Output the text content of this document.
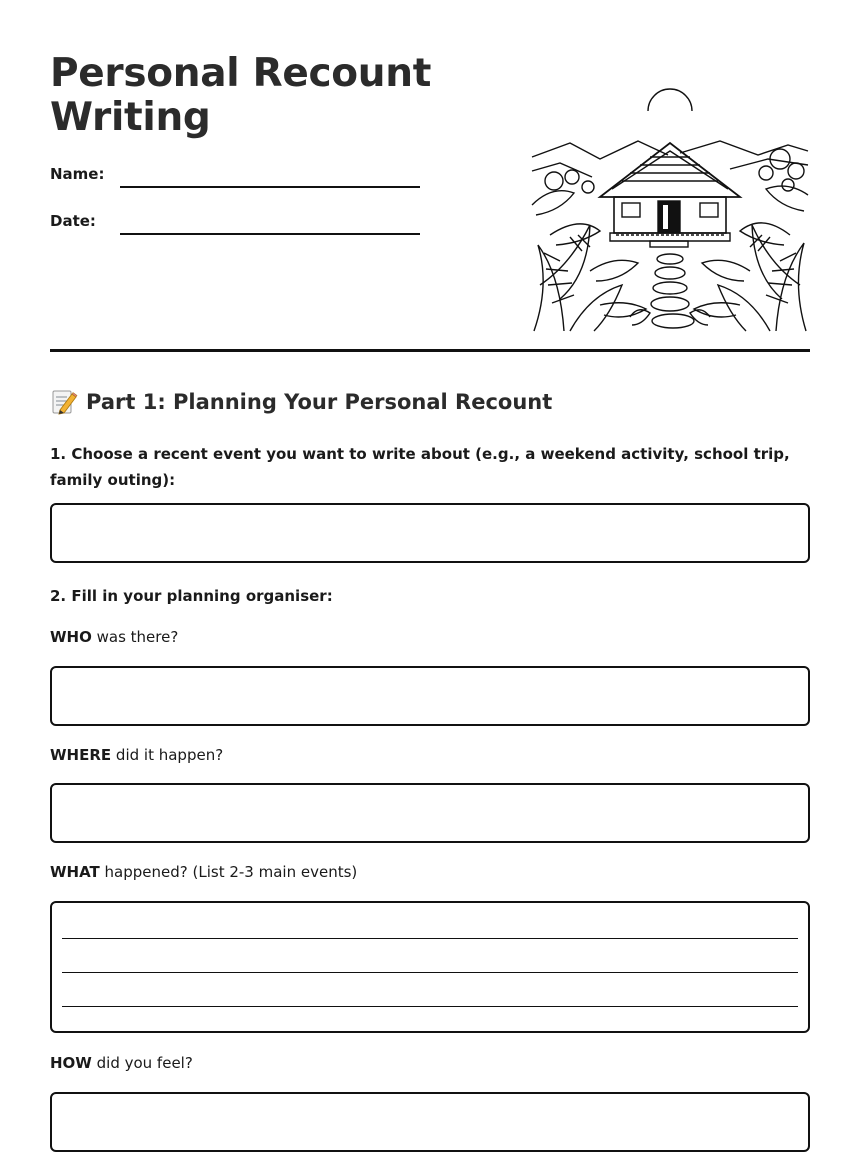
Personal Recount Writing
Name:
Date:
Part 1: Planning Your Personal Recount
1. Choose a recent event you want to write about (e.g., a weekend activity, school trip, family outing):
2. Fill in your planning organiser:
WHO was there?
WHERE did it happen?
WHAT happened? (List 2-3 main events)
HOW did you feel?
